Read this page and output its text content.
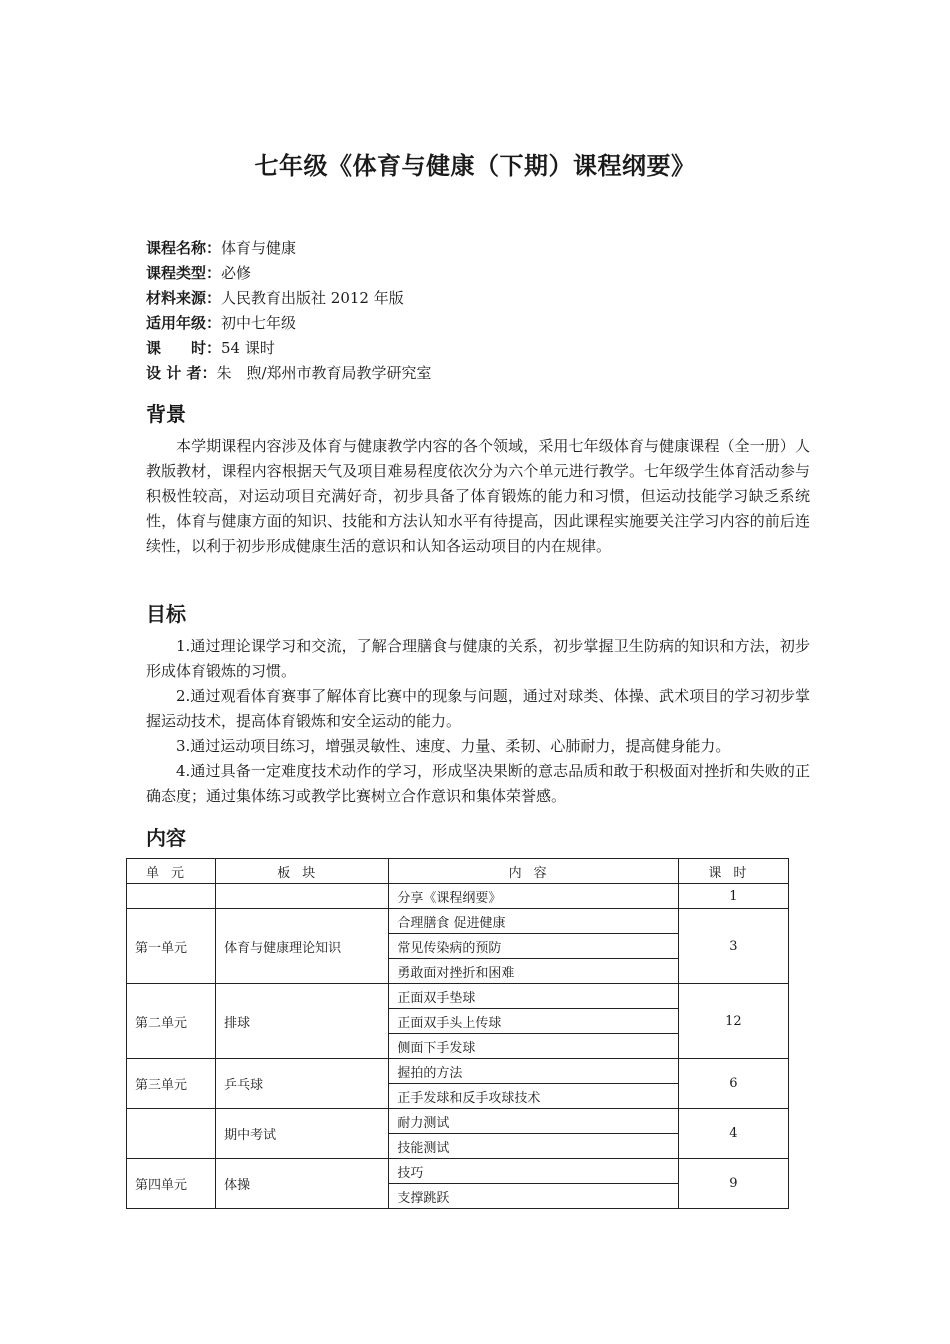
七年级《体育与健康（下期）课程纲要》
课程名称：体育与健康
课程类型：必修
材料来源：人民教育出版社 2012 年版
适用年级：初中七年级
课　　时：54 课时
设 计 者：朱　煦/郑州市教育局教学研究室
背景
本学期课程内容涉及体育与健康教学内容的各个领域，采用七年级体育与健康课程（全一册）人教版教材，课程内容根据天气及项目难易程度依次分为六个单元进行教学。七年级学生体育活动参与积极性较高，对运动项目充满好奇，初步具备了体育锻炼的能力和习惯，但运动技能学习缺乏系统性，体育与健康方面的知识、技能和方法认知水平有待提高，因此课程实施要关注学习内容的前后连续性，以利于初步形成健康生活的意识和认知各运动项目的内在规律。
目标

1.通过理论课学习和交流，了解合理膳食与健康的关系，初步掌握卫生防病的知识和方法，初步形成体育锻炼的习惯。

2.通过观看体育赛事了解体育比赛中的现象与问题，通过对球类、体操、武术项目的学习初步掌握运动技术，提高体育锻炼和安全运动的能力。

3.通过运动项目练习，增强灵敏性、速度、力量、柔韧、心肺耐力，提高健身能力。

4.通过具备一定难度技术动作的学习，形成坚决果断的意志品质和敢于积极面对挫折和失败的正确态度；通过集体练习或教学比赛树立合作意识和集体荣誉感。

内容
单元	板块	内容	课时
		分享《课程纲要》	1
第一单元	体育与健康理论知识	合理膳食 促进健康	3
		常见传染病的预防	
		勇敢面对挫折和困难	
第二单元	排球	正面双手垫球	12
		正面双手头上传球	
		侧面下手发球	
第三单元	乒乓球	握拍的方法	6
		正手发球和反手攻球技术	
	期中考试	耐力测试	4
		技能测试	
第四单元	体操	技巧	9
		支撑跳跃	
